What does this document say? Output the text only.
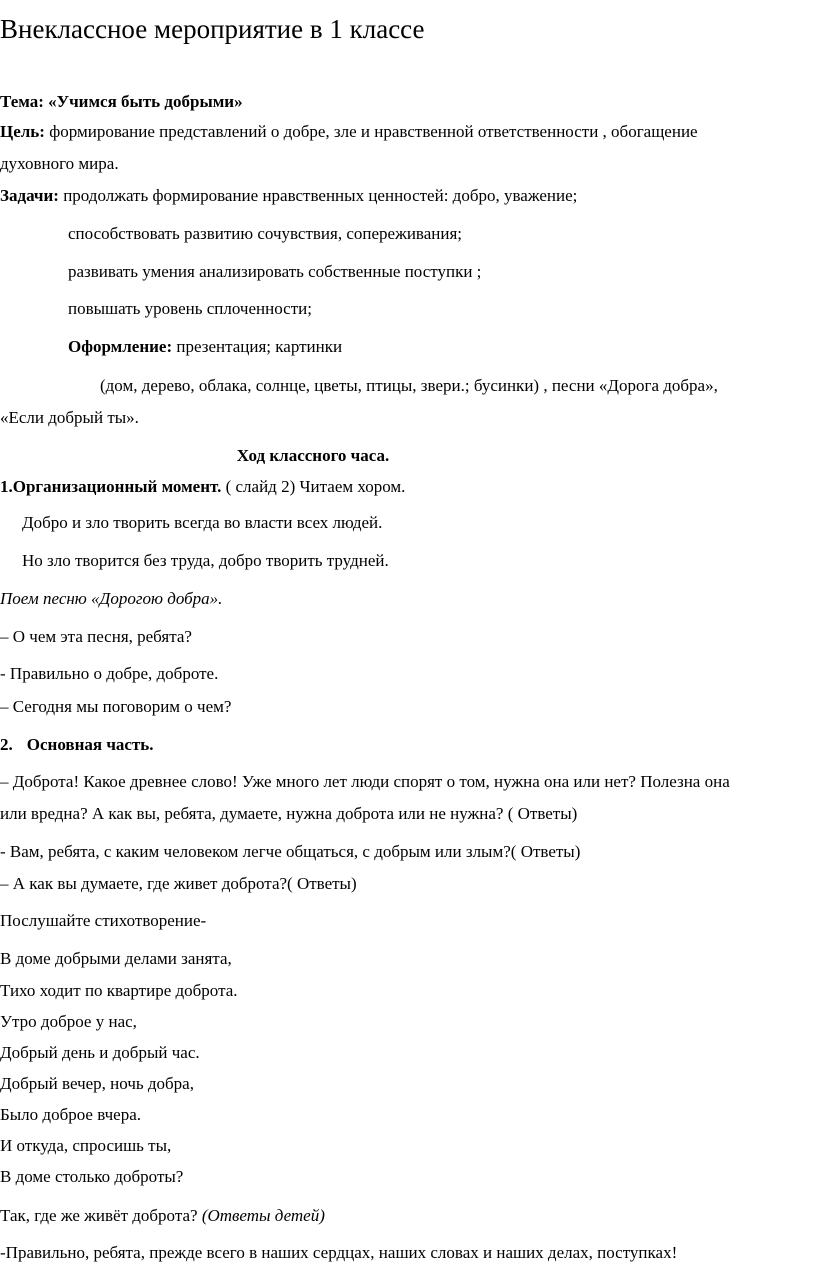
Внеклассное мероприятие в 1 классе
Тема: «Учимся быть добрыми»
Цель: формирование представлений о добре, зле и нравственной ответственности , обогащение
духовного мира.
Задачи: продолжать формирование нравственных ценностей: добро, уважение;
способствовать развитию сочувствия, сопереживания;
развивать умения анализировать собственные поступки ;
повышать уровень сплоченности;
Оформление: презентация; картинки
(дом, дерево, облака, солнце, цветы, птицы, звери.; бусинки) , песни «Дорога добра»,
«Если добрый ты».
Ход классного часа.
1.Организационный момент. ( слайд 2) Читаем хором.
Добро и зло творить всегда во власти всех людей.
Но зло творится без труда, добро творить трудней.
Поем песню «Дорогою добра».
– О чем эта песня, ребята?
- Правильно о добре, доброте.
– Сегодня мы поговорим о чем?
2. Основная часть.
– Доброта! Какое древнее слово! Уже много лет люди спорят о том, нужна она или нет? Полезна она
или вредна? А как вы, ребята, думаете, нужна доброта или не нужна? ( Ответы)
- Вам, ребята, с каким человеком легче общаться, с добрым или злым?( Ответы)
– А как вы думаете, где живет доброта?( Ответы)
Послушайте стихотворение-
В доме добрыми делами занята,
Тихо ходит по квартире доброта.
Утро доброе у нас,
Добрый день и добрый час.
Добрый вечер, ночь добра,
Было доброе вчера.
И откуда, спросишь ты,
В доме столько доброты?
Так, где же живёт доброта? (Ответы детей)
-Правильно, ребята, прежде всего в наших сердцах, наших словах и наших делах, поступках!
